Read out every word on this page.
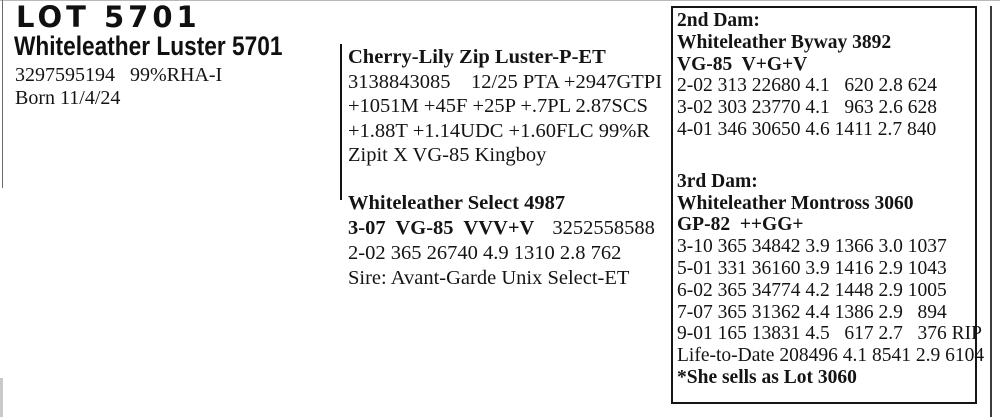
LOT 5701
Whiteleather Luster 5701
3297595194   99%RHA-I
Born 11/4/24
Cherry-Lily Zip Luster-P-ET
3138843085    12/25 PTA +2947GTPI
+1051M +45F +25P +.7PL 2.87SCS
+1.88T +1.14UDC +1.60FLC 99%R
Zipit X VG-85 Kingboy
Whiteleather Select 4987
3-07  VG-85  VVV+V 3252558588
2-02 365 26740 4.9 1310 2.8 762
Sire: Avant-Garde Unix Select-ET
2nd Dam:
Whiteleather Byway 3892
VG-85  V+G+V
2-02 313 22680 4.1   620 2.8 624
3-02 303 23770 4.1   963 2.6 628
4-01 346 30650 4.6 1411 2.7 840
3rd Dam:
Whiteleather Montross 3060
GP-82  ++GG+
3-10 365 34842 3.9 1366 3.0 1037
5-01 331 36160 3.9 1416 2.9 1043
6-02 365 34774 4.2 1448 2.9 1005
7-07 365 31362 4.4 1386 2.9   894
9-01 165 13831 4.5   617 2.7   376 RIP
Life-to-Date 208496 4.1 8541 2.9 6104
*She sells as Lot 3060
